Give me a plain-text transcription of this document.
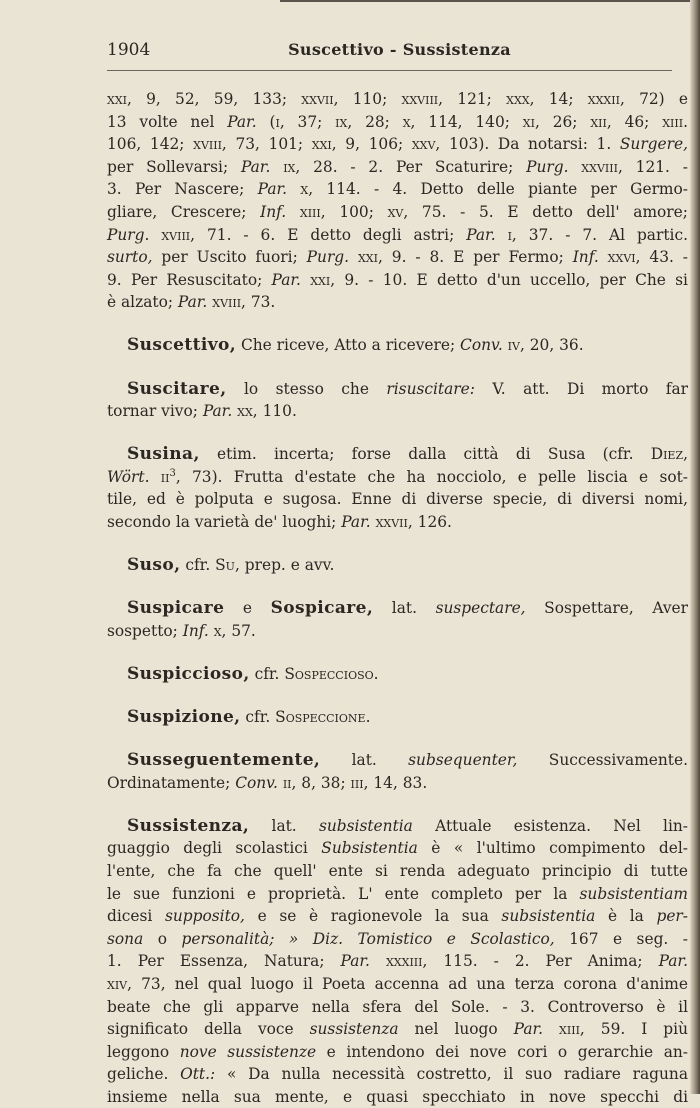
1904	Suscettivo - Sussistenza
xxi, 9, 52, 59, 133; xxvii, 110; xxviii, 121; xxx, 14; xxxii, 72) e
13 volte nel Par. (i, 37; ix, 28; x, 114, 140; xi, 26; xii, 46; xiii.
106, 142; xviii, 73, 101; xxi, 9, 106; xxv, 103). Da notarsi: 1. Surgere,
per Sollevarsi; Par. ix, 28. - 2. Per Scaturire; Purg. xxviii, 121. -
3. Per Nascere; Par. x, 114. - 4. Detto delle piante per Germo-
gliare, Crescere; Inf. xiii, 100; xv, 75. - 5. E detto dell' amore;
Purg. xviii, 71. - 6. E detto degli astri; Par. i, 37. - 7. Al partic.
surto, per Uscito fuori; Purg. xxi, 9. - 8. E per Fermo; Inf. xxvi, 43. -
9. Per Resuscitato; Par. xxi, 9. - 10. E detto d'un uccello, per Che si
è alzato; Par. xviii, 73.
Suscettivo, Che riceve, Atto a ricevere; Conv. iv, 20, 36.
Suscitare, lo stesso che risuscitare: V. att. Di morto far
tornar vivo; Par. xx, 110.
Susina, etim. incerta; forse dalla città di Susa (cfr. Diez,
Wört. $ii^3$, 73). Frutta d'estate che ha nocciolo, e pelle liscia e sot-
tile, ed è polputa e sugosa. Enne di diverse specie, di diversi nomi,
secondo la varietà de' luoghi; Par. xxvii, 126.
Suso, cfr. Su, prep. e avv.
Suspicare e Sospicare, lat. suspectare, Sospettare, Aver
sospetto; Inf. x, 57.
Suspiccioso, cfr. Sospeccioso.
Suspizione, cfr. Sospeccione.
Susseguentemente, lat. subsequenter, Successivamente.
Ordinatamente; Conv. ii, 8, 38; iii, 14, 83.
Sussistenza, lat. subsistentia Attuale esistenza. Nel lin-
guaggio degli scolastici Subsistentia è « l'ultimo compimento del-
l'ente, che fa che quell' ente si renda adeguato principio di tutte
le sue funzioni e proprietà. L' ente completo per la subsistentiam
dicesi supposito, e se è ragionevole la sua subsistentia è la per-
sona o personalità; » Diz. Tomistico e Scolastico, 167 e seg. -
1. Per Essenza, Natura; Par. xxxiii, 115. - 2. Per Anima; Par.
xiv, 73, nel qual luogo il Poeta accenna ad una terza corona d'anime
beate che gli apparve nella sfera del Sole. - 3. Controverso è il
significato della voce sussistenza nel luogo Par. xiii, 59. I più
leggono nove sussistenze e intendono dei nove cori o gerarchie an-
geliche. Ott.: « Da nulla necessità costretto, il suo radiare raguna
insieme nella sua mente, e quasi specchiato in nove specchi di
